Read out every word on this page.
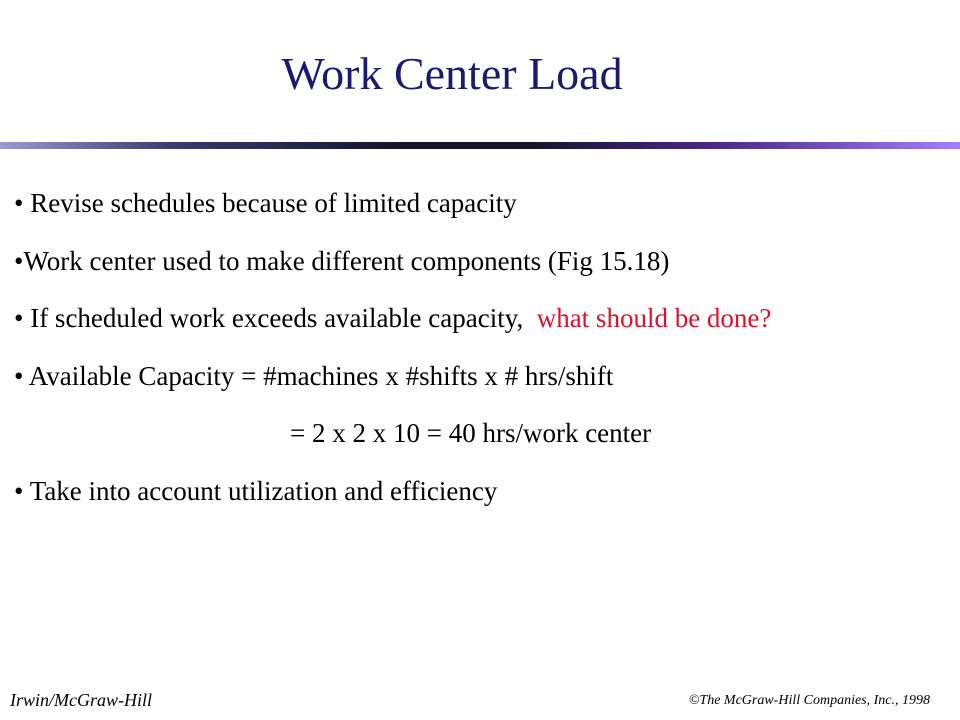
Work Center Load
• Revise schedules because of limited capacity
•Work center used to make different components (Fig 15.18)
• If scheduled work exceeds available capacity, what should be done?
• Available Capacity = #machines x #shifts x # hrs/shift
= 2 x 2 x 10 = 40 hrs/work center
• Take into account utilization and efficiency
Irwin/McGraw-Hill	©The McGraw-Hill Companies, Inc., 1998
